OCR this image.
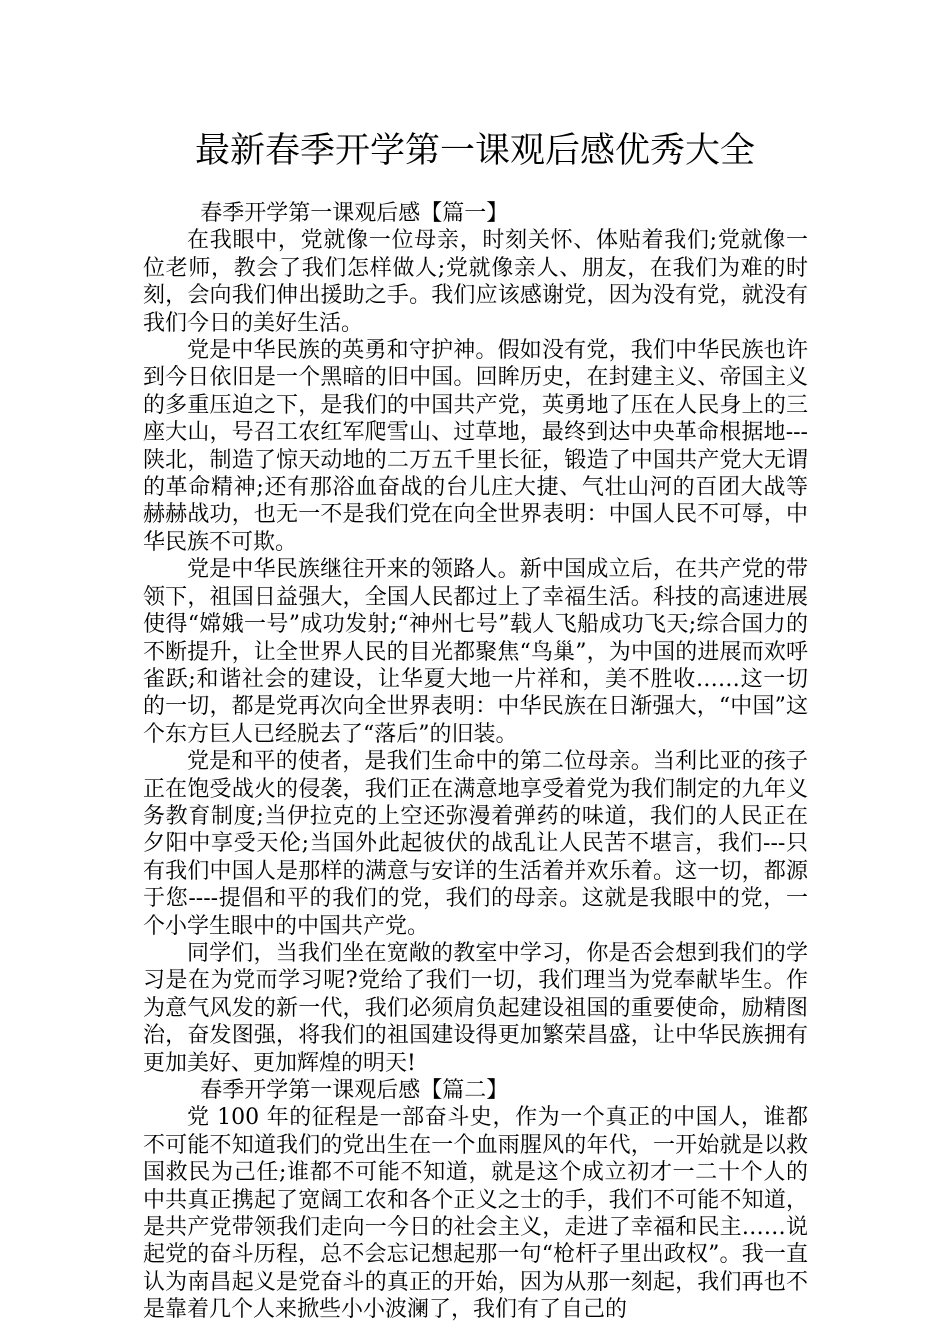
最新春季开学第一课观后感优秀大全

春季开学第一课观后感【篇一】

在我眼中，党就像一位母亲，时刻关怀、体贴着我们;党就像一位老师，教会了我们怎样做人;党就像亲人、朋友，在我们为难的时刻，会向我们伸出援助之手。我们应该感谢党，因为没有党，就没有我们今日的美好生活。

党是中华民族的英勇和守护神。假如没有党，我们中华民族也许到今日依旧是一个黑暗的旧中国。回眸历史，在封建主义、帝国主义的多重压迫之下，是我们的中国共产党，英勇地了压在人民身上的三座大山，号召工农红军爬雪山、过草地，最终到达中央革命根据地---陕北，制造了惊天动地的二万五千里长征，锻造了中国共产党大无谓的革命精神;还有那浴血奋战的台儿庄大捷、气壮山河的百团大战等赫赫战功，也无一不是我们党在向全世界表明：中国人民不可辱，中华民族不可欺。

党是中华民族继往开来的领路人。新中国成立后，在共产党的带领下，祖国日益强大，全国人民都过上了幸福生活。科技的高速进展使得“嫦娥一号”成功发射;“神州七号”载人飞船成功飞天;综合国力的不断提升，让全世界人民的目光都聚焦“鸟巢”，为中国的进展而欢呼雀跃;和谐社会的建设，让华夏大地一片祥和，美不胜收……这一切的一切，都是党再次向全世界表明：中华民族在日渐强大，“中国”这个东方巨人已经脱去了“落后”的旧装。

党是和平的使者，是我们生命中的第二位母亲。当利比亚的孩子正在饱受战火的侵袭，我们正在满意地享受着党为我们制定的九年义务教育制度;当伊拉克的上空还弥漫着弹药的味道，我们的人民正在夕阳中享受天伦;当国外此起彼伏的战乱让人民苦不堪言，我们---只有我们中国人是那样的满意与安详的生活着并欢乐着。这一切，都源于您----提倡和平的我们的党，我们的母亲。这就是我眼中的党，一个小学生眼中的中国共产党。

同学们，当我们坐在宽敞的教室中学习，你是否会想到我们的学习是在为党而学习呢?党给了我们一切，我们理当为党奉献毕生。作为意气风发的新一代，我们必须肩负起建设祖国的重要使命，励精图治，奋发图强，将我们的祖国建设得更加繁荣昌盛，让中华民族拥有更加美好、更加辉煌的明天!

春季开学第一课观后感【篇二】

党 100 年的征程是一部奋斗史，作为一个真正的中国人，谁都不可能不知道我们的党出生在一个血雨腥风的年代，一开始就是以救国救民为己任;谁都不可能不知道，就是这个成立初才一二十个人的中共真正携起了宽阔工农和各个正义之士的手，我们不可能不知道，是共产党带领我们走向一今日的社会主义，走进了幸福和民主……说起党的奋斗历程，总不会忘记想起那一句“枪杆子里出政权”。我一直认为南昌起义是党奋斗的真正的开始，因为从那一刻起，我们再也不是靠着几个人来掀些小小波澜了，我们有了自己的
